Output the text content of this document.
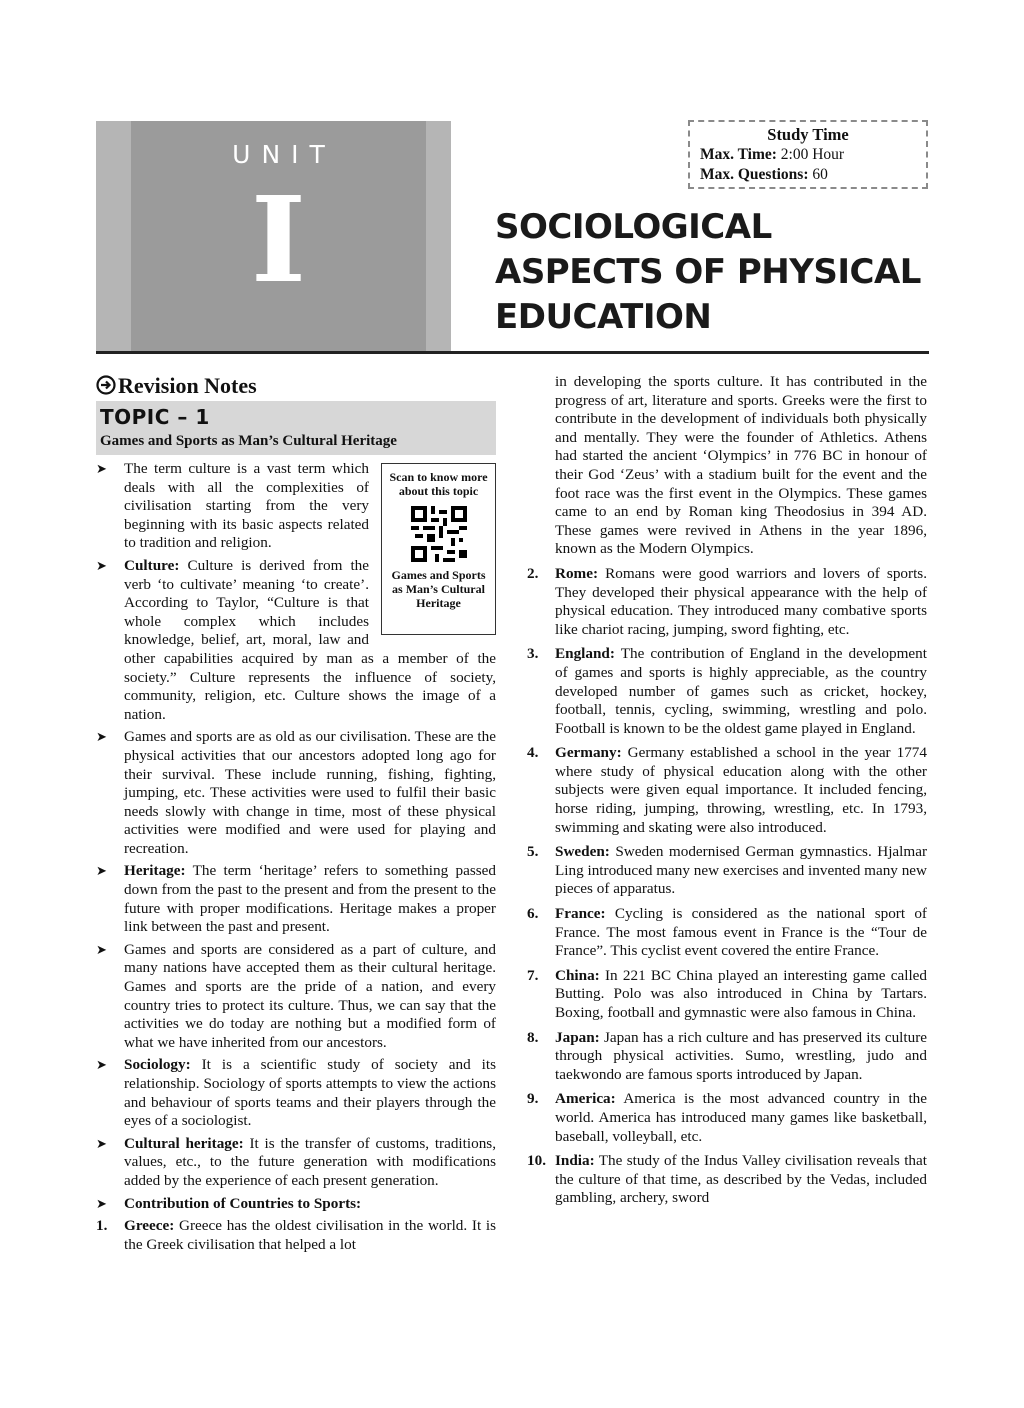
UNIT
I
Study Time
Max. Time: 2:00 Hour
Max. Questions: 60
SOCIOLOGICAL
ASPECTS OF PHYSICAL
EDUCATION
Revision Notes
TOPIC – 1
Games and Sports as Man’s Cultural Heritage
➤
Scan to know more about this topic
Games and Sports as Man’s Cultural Heritage
The term culture is a vast term which deals with all the complexities of civilisation starting from the very beginning with its basic aspects related to tradition and religion.
➤ Culture: Culture is derived from the verb ‘to cultivate’ meaning ‘to create’. According to Taylor, “Culture is that whole complex which includes knowledge, belief, art, moral, law and other capabilities acquired by man as a member of the society.” Culture represents the influence of society, community, religion, etc. Culture shows the image of a nation.
➤ Games and sports are as old as our civilisation. These are the physical activities that our ancestors adopted long ago for their survival. These include running, fishing, fighting, jumping, etc. These activities were used to fulfil their basic needs slowly with change in time, most of these physical activities were modified and were used for playing and recreation.
➤ Heritage: The term ‘heritage’ refers to something passed down from the past to the present and from the present to the future with proper modifications. Heritage makes a proper link between the past and present.
➤ Games and sports are considered as a part of culture, and many nations have accepted them as their cultural heritage. Games and sports are the pride of a nation, and every country tries to protect its culture. Thus, we can say that the activities we do today are nothing but a modified form of what we have inherited from our ancestors.
➤ Sociology: It is a scientific study of society and its relationship. Sociology of sports attempts to view the actions and behaviour of sports teams and their players through the eyes of a sociologist.
➤ Cultural heritage: It is the transfer of customs, traditions, values, etc., to the future generation with modifications added by the experience of each present generation.
➤ Contribution of Countries to Sports:
1. Greece: Greece has the oldest civilisation in the world. It is the Greek civilisation that helped a lot
in developing the sports culture. It has contributed in the progress of art, literature and sports. Greeks were the first to contribute in the development of individuals both physically and mentally. They were the founder of Athletics. Athens had started the ancient ‘Olympics’ in 776 BC in honour of their God ‘Zeus’ with a stadium built for the event and the foot race was the first event in the Olympics. These games came to an end by Roman king Theodosius in 394 AD. These games were revived in Athens in the year 1896, known as the Modern Olympics.
2. Rome: Romans were good warriors and lovers of sports. They developed their physical appearance with the help of physical education. They introduced many combative sports like chariot racing, jumping, sword fighting, etc.
3. England: The contribution of England in the development of games and sports is highly appreciable, as the country developed number of games such as cricket, hockey, football, tennis, cycling, swimming, wrestling and polo. Football is known to be the oldest game played in England.
4. Germany: Germany established a school in the year 1774 where study of physical education along with the other subjects were given equal importance. It included fencing, horse riding, jumping, throwing, wrestling, etc. In 1793, swimming and skating were also introduced.
5. Sweden: Sweden modernised German gymnastics. Hjalmar Ling introduced many new exercises and invented many new pieces of apparatus.
6. France: Cycling is considered as the national sport of France. The most famous event in France is the “Tour de France”. This cyclist event covered the entire France.
7. China: In 221 BC China played an interesting game called Butting. Polo was also introduced in China by Tartars. Boxing, football and gymnastic were also famous in China.
8. Japan: Japan has a rich culture and has preserved its culture through physical activities. Sumo, wrestling, judo and taekwondo are famous sports introduced by Japan.
9. America: America is the most advanced country in the world. America has introduced many games like basketball, baseball, volleyball, etc.
10. India: The study of the Indus Valley civilisation reveals that the culture of that time, as described by the Vedas, included gambling, archery, sword
